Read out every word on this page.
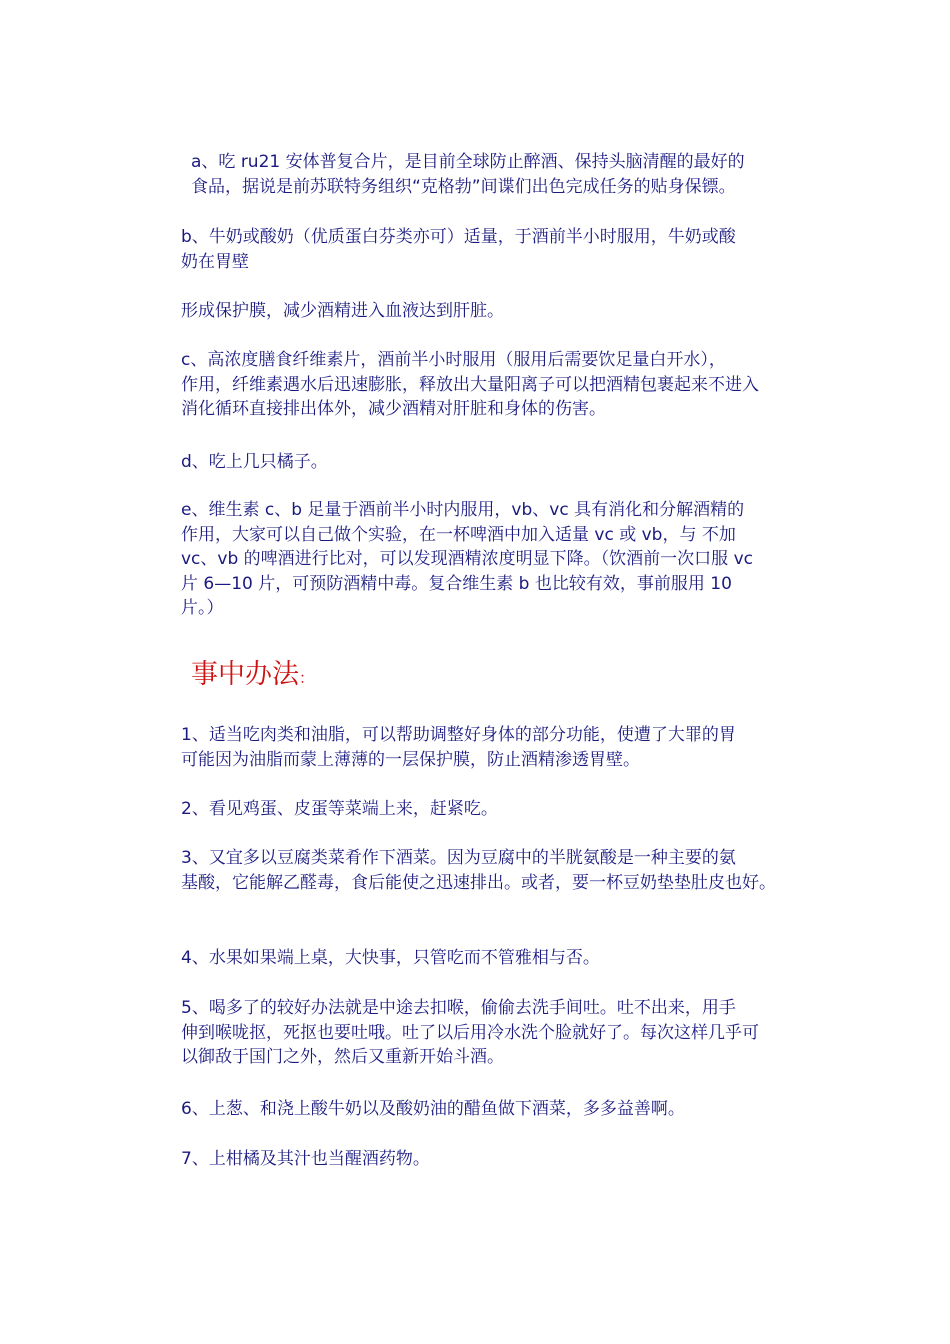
a、吃 ru21 安体普复合片，是目前全球防止醉酒、保持头脑清醒的最好的
食品，据说是前苏联特务组织“克格勃”间谍们出色完成任务的贴身保镖。

b、牛奶或酸奶（优质蛋白芬类亦可）适量，于酒前半小时服用，牛奶或酸
奶在胃壁

形成保护膜，减少酒精进入血液达到肝脏。

c、高浓度膳食纤维素片，酒前半小时服用（服用后需要饮足量白开水），
作用，纤维素遇水后迅速膨胀，释放出大量阳离子可以把酒精包裹起来不进入
消化循环直接排出体外，减少酒精对肝脏和身体的伤害。

d、吃上几只橘子。

e、维生素 c、b 足量于酒前半小时内服用，vb、vc 具有消化和分解酒精的
作用，大家可以自己做个实验，在一杯啤酒中加入适量 vc 或 vb，与 不加
vc、vb 的啤酒进行比对，可以发现酒精浓度明显下降。（饮酒前一次口服 vc
片 6—10 片，可预防酒精中毒。复合维生素 b 也比较有效，事前服用 10
片。）

事中办法：

1、适当吃肉类和油脂，可以帮助调整好身体的部分功能，使遭了大罪的胃
可能因为油脂而蒙上薄薄的一层保护膜，防止酒精渗透胃壁。

2、看见鸡蛋、皮蛋等菜端上来，赶紧吃。

3、又宜多以豆腐类菜肴作下酒菜。因为豆腐中的半胱氨酸是一种主要的氨
基酸，它能解乙醛毒，食后能使之迅速排出。或者，要一杯豆奶垫垫肚皮也好。

4、水果如果端上桌，大快事，只管吃而不管雅相与否。

5、喝多了的较好办法就是中途去扣喉，偷偷去洗手间吐。吐不出来，用手
伸到喉咙抠，死抠也要吐哦。吐了以后用冷水洗个脸就好了。每次这样几乎可
以御敌于国门之外，然后又重新开始斗酒。

6、上葱、和浇上酸牛奶以及酸奶油的醋鱼做下酒菜，多多益善啊。

7、上柑橘及其汁也当醒酒药物。
